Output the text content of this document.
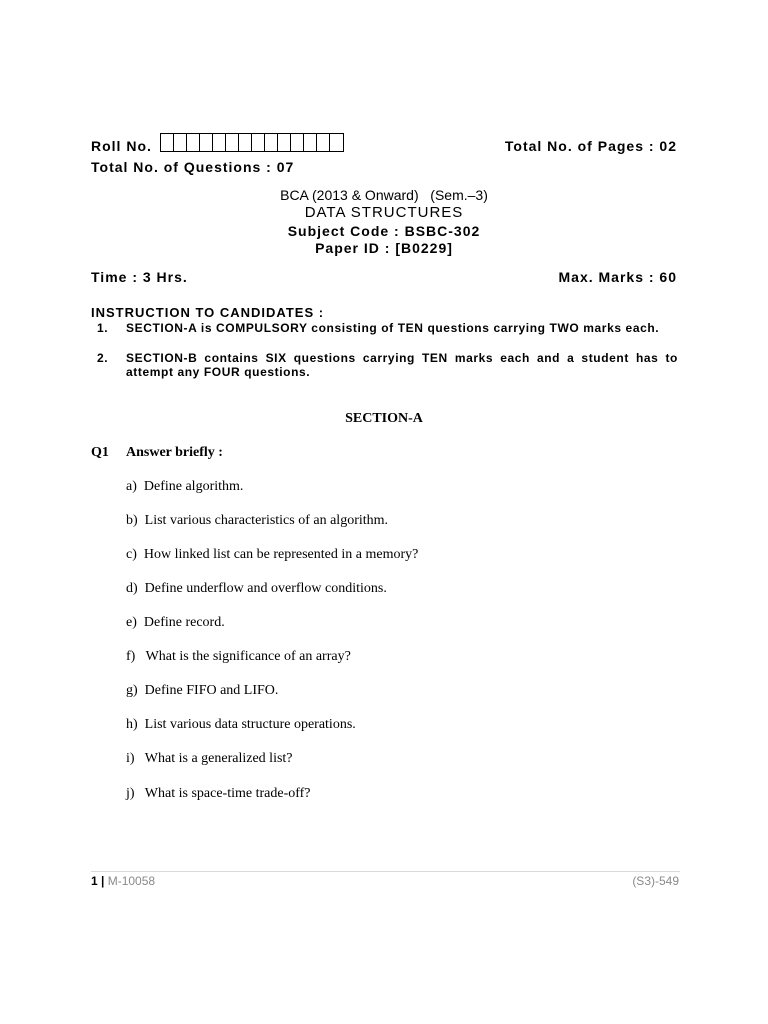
Roll No.	Total No. of Pages : 02
Total No. of Questions : 07
BCA (2013 & Onward)   (Sem.–3)
DATA STRUCTURES
Subject Code : BSBC-302
Paper ID : [B0229]
Time : 3 Hrs.	Max. Marks : 60
INSTRUCTION TO CANDIDATES :
1. SECTION-A is COMPULSORY consisting of TEN questions carrying TWO marks each.
2. SECTION-B contains SIX questions carrying TEN marks each and a student has to attempt any FOUR questions.
SECTION-A
Q1 Answer briefly :
a)  Define algorithm.
b)  List various characteristics of an algorithm.
c)  How linked list can be represented in a memory?
d)  Define underflow and overflow conditions.
e)  Define record.
f)   What is the significance of an array?
g)  Define FIFO and LIFO.
h)  List various data structure operations.
i)   What is a generalized list?
j)   What is space-time trade-off?
1 | M-10058	(S3)-549
